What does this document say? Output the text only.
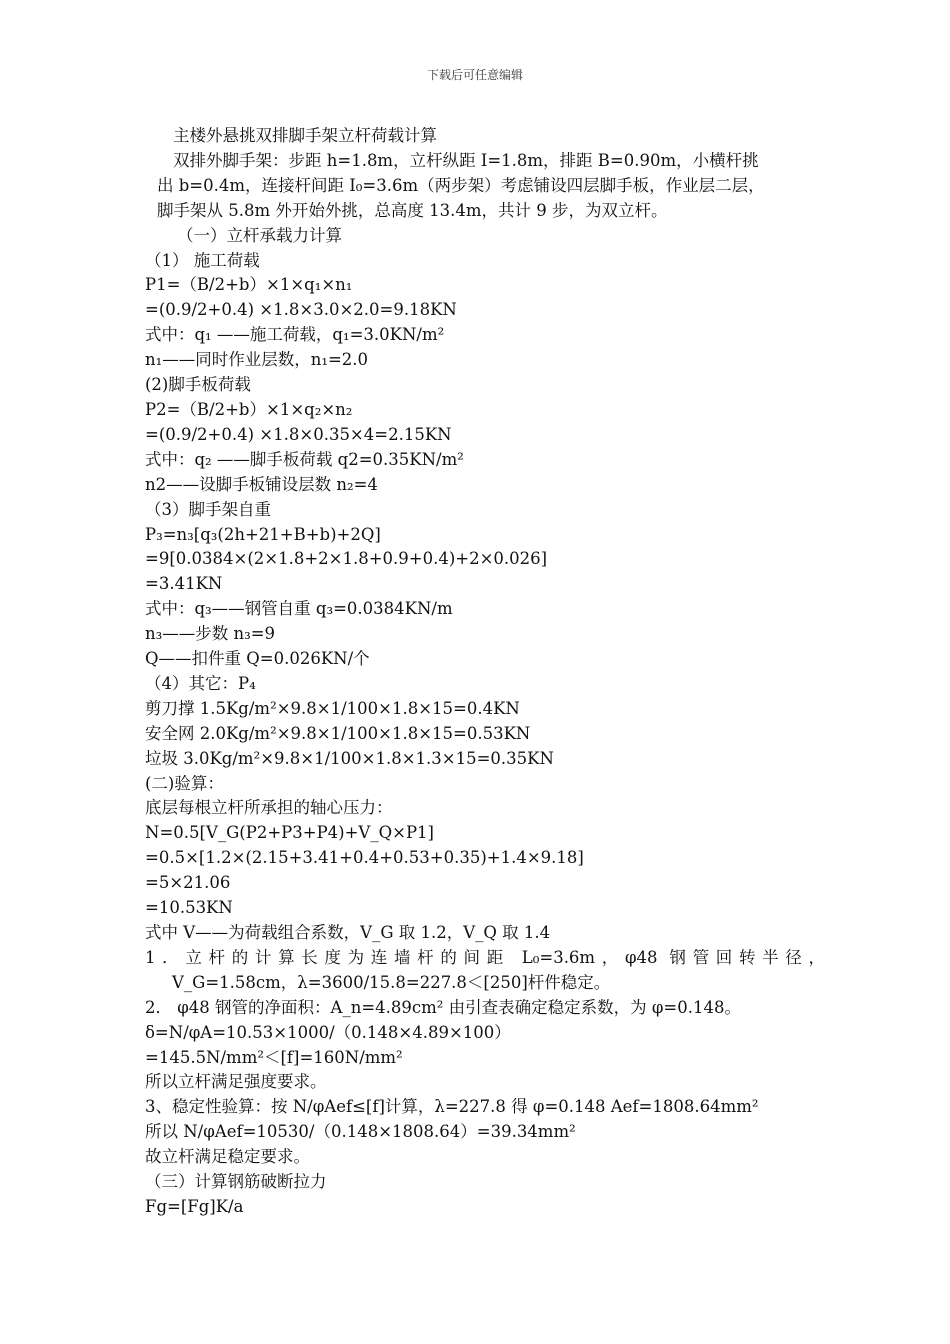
下载后可任意编辑
主楼外悬挑双排脚手架立杆荷载计算
双排外脚手架：步距 h=1.8m，立杆纵距 I=1.8m，排距 B=0.90m，小横杆挑
出 b=0.4m，连接杆间距 I₀=3.6m（两步架）考虑铺设四层脚手板，作业层二层，
脚手架从 5.8m 外开始外挑，总高度 13.4m，共计 9 步，为双立杆。
（一）立杆承载力计算
（1） 施工荷载
P1=（B/2+b）×1×q₁×n₁
=(0.9/2+0.4) ×1.8×3.0×2.0=9.18KN
式中：q₁ ——施工荷载，q₁=3.0KN/m²
n₁——同时作业层数，n₁=2.0
(2)脚手板荷载
P2=（B/2+b）×1×q₂×n₂
=(0.9/2+0.4) ×1.8×0.35×4=2.15KN
式中：q₂ ——脚手板荷载 q2=0.35KN/m²
n2——设脚手板铺设层数 n₂=4
（3）脚手架自重
P₃=n₃[q₃(2h+21+B+b)+2Q]
=9[0.0384×(2×1.8+2×1.8+0.9+0.4)+2×0.026]
=3.41KN
式中：q₃——钢管自重 q₃=0.0384KN/m
n₃——步数 n₃=9
Q——扣件重 Q=0.026KN/个
（4）其它：P₄
剪刀撑 1.5Kg/m²×9.8×1/100×1.8×15=0.4KN
安全网 2.0Kg/m²×9.8×1/100×1.8×15=0.53KN
垃圾 3.0Kg/m²×9.8×1/100×1.8×1.3×15=0.35KN
(二)验算：
底层每根立杆所承担的轴心压力：
N=0.5[V_G(P2+P3+P4)+V_Q×P1]
=0.5×[1.2×(2.15+3.41+0.4+0.53+0.35)+1.4×9.18]
=5×21.06
=10.53KN
式中 V——为荷载组合系数，V_G 取 1.2，V_Q 取 1.4
1．立杆的计算长度为连墙杆的间距 L₀=3.6m，φ48 钢管回转半径，
V_G=1.58cm，λ=3600/15.8=227.8＜[250]杆件稳定。
2． φ48 钢管的净面积：A_n=4.89cm² 由引查表确定稳定系数，为 φ=0.148。
δ=N/φA=10.53×1000/（0.148×4.89×100）
=145.5N/mm²＜[f]=160N/mm²
所以立杆满足强度要求。
3、稳定性验算：按 N/φAef≤[f]计算，λ=227.8 得 φ=0.148 Aef=1808.64mm²
所以 N/φAef=10530/（0.148×1808.64）=39.34mm²
故立杆满足稳定要求。
（三）计算钢筋破断拉力
Fg=[Fg]K/a
